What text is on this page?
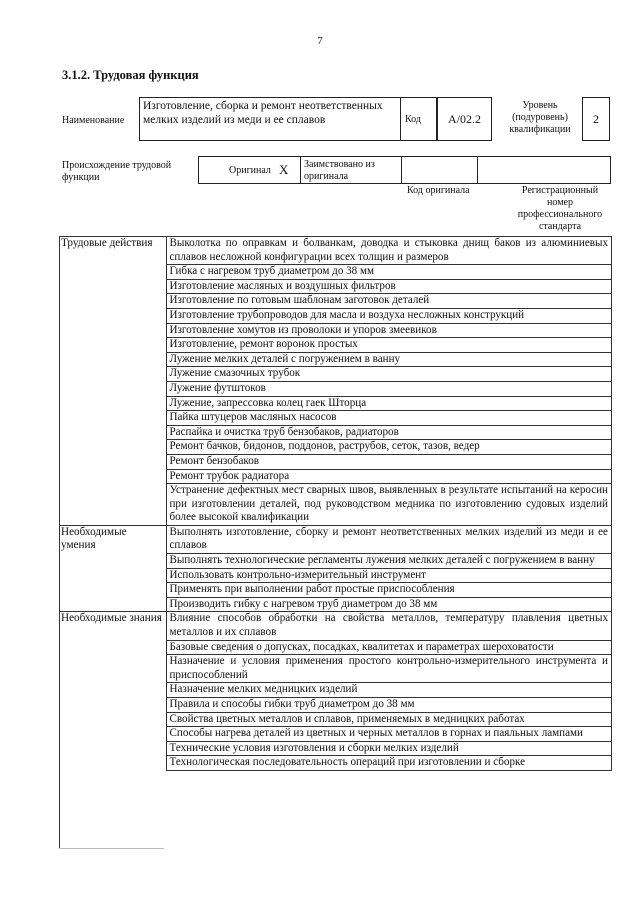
7
3.1.2. Трудовая функция
Наименование
Изготовление, сборка и ремонт неответственных мелких изделий из меди и ее сплавов	Код	А/02.2
Уровень
(подуровень)
квалификации
2
Происхождение трудовой
функции
Оригинал X Заимствовано из
оригинала
Код оригинала	Регистрационный номер
профессионального
стандарта
Трудовые действия	Выколотка по оправкам и болванкам, доводка и стыковка днищ баков из алюминиевых сплавов несложной конфигурации всех толщин и размеров
	Гибка с нагревом труб диаметром до 38 мм
	Изготовление масляных и воздушных фильтров
	Изготовление по готовым шаблонам заготовок деталей
	Изготовление трубопроводов для масла и воздуха несложных конструкций
	Изготовление хомутов из проволоки и упоров змеевиков
	Изготовление, ремонт воронок простых
	Лужение мелких деталей с погружением в ванну
	Лужение смазочных трубок
	Лужение футштоков
	Лужение, запрессовка колец гаек Шторца
	Пайка штуцеров масляных насосов
	Распайка и очистка труб бензобаков, радиаторов
	Ремонт бачков, бидонов, поддонов, раструбов, сеток, тазов, ведер
	Ремонт бензобаков
	Ремонт трубок радиатора
	Устранение дефектных мест сварных швов, выявленных в результате испытаний на керосин при изготовлении деталей, под руководством медника по изготовлению судовых изделий более высокой квалификации
Необходимые умения	Выполнять изготовление, сборку и ремонт неответственных мелких изделий из меди и ее сплавов
	Выполнять технологические регламенты лужения мелких деталей с погружением в ванну
	Использовать контрольно-измерительный инструмент
	Применять при выполнении работ простые приспособления
	Производить гибку с нагревом труб диаметром до 38 мм
Необходимые знания	Влияние способов обработки на свойства металлов, температуру плавления цветных металлов и их сплавов
	Базовые сведения о допусках, посадках, квалитетах и параметрах шероховатости
	Назначение и условия применения простого контрольно-измерительного инструмента и приспособлений
	Назначение мелких медницких изделий
	Правила и способы гибки труб диаметром до 38 мм
	Свойства цветных металлов и сплавов, применяемых в медницких работах
	Способы нагрева деталей из цветных и черных металлов в горнах и паяльных лампами
	Технические условия изготовления и сборки мелких изделий
	Технологическая последовательность операций при изготовлении и сборке
